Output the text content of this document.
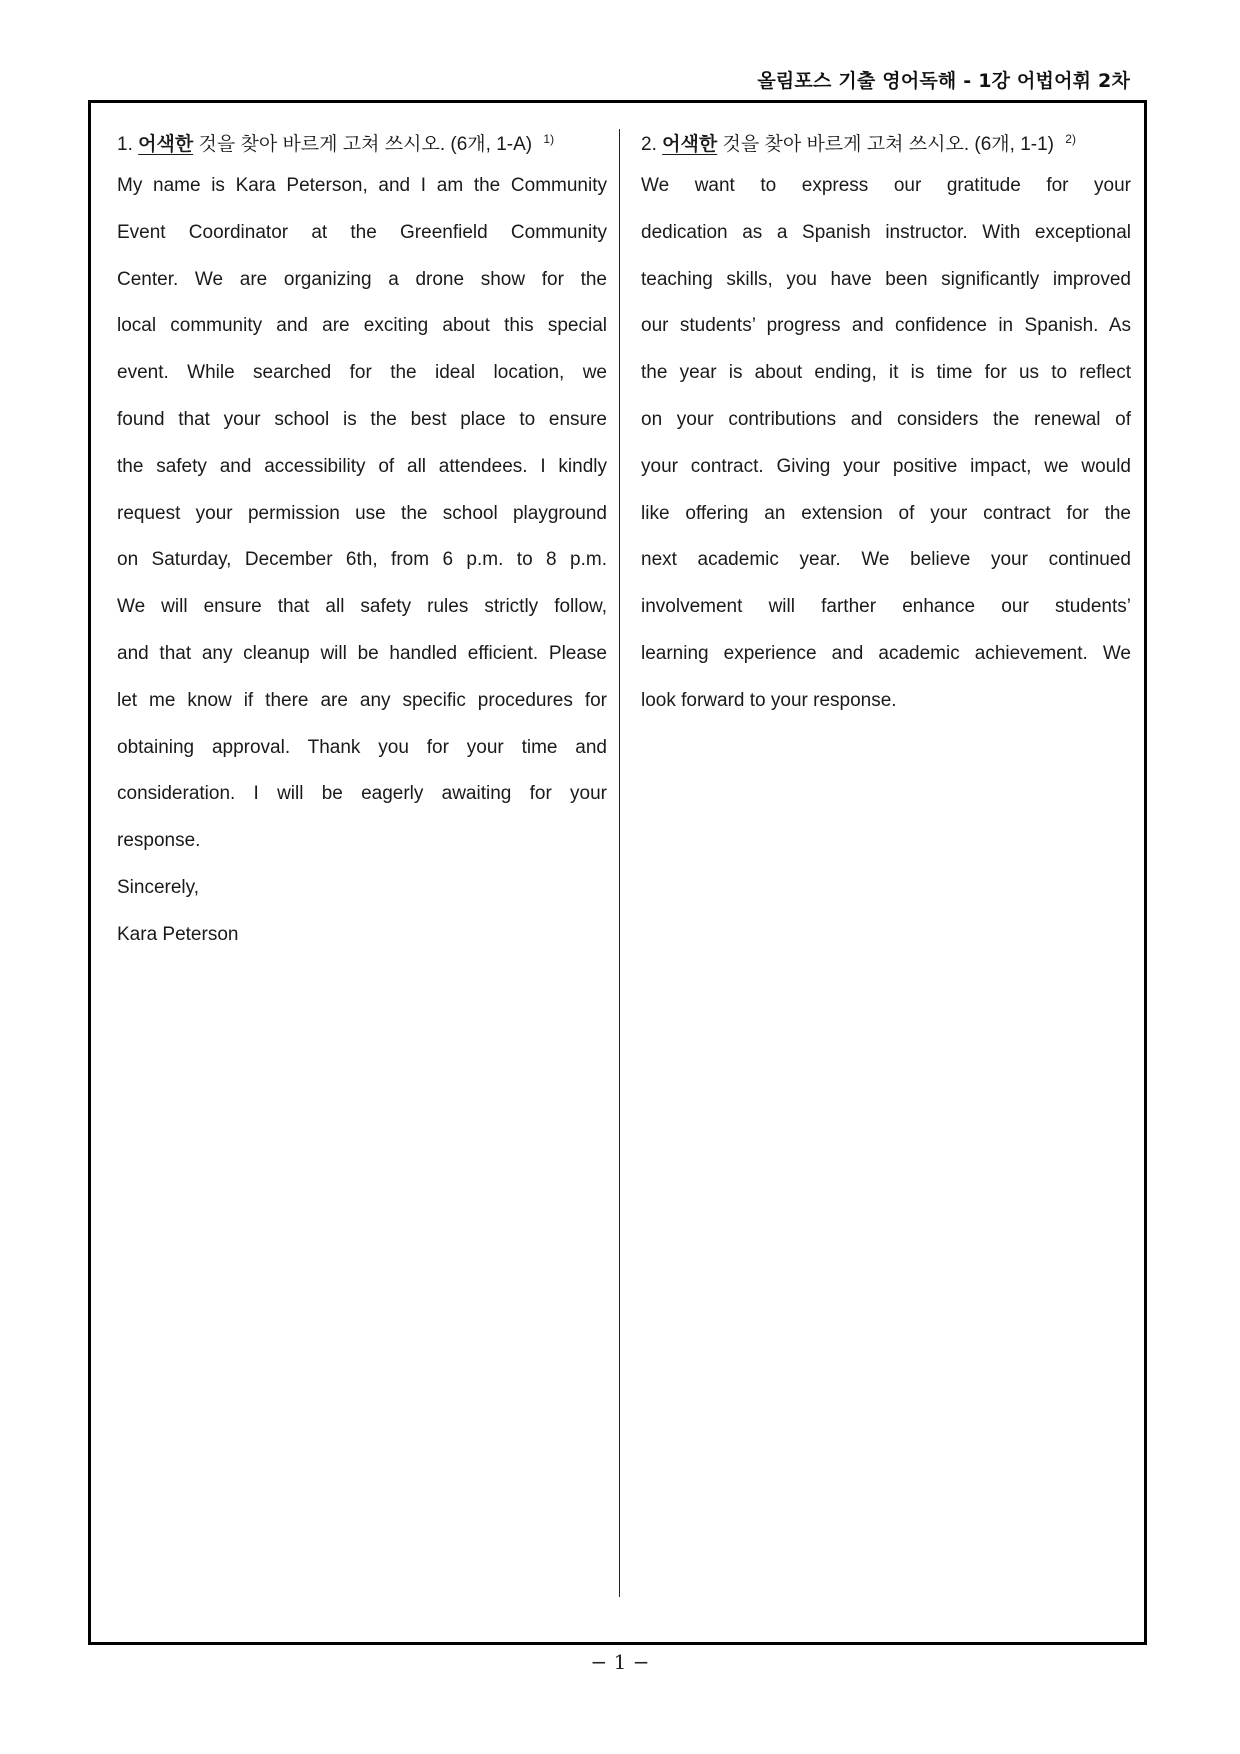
올림포스 기출 영어독해 - 1강 어법어휘 2차
1. 어색한 것을 찾아 바르게 고쳐 쓰시오. (6개, 1-A) $^{1)}$
My name is Kara Peterson, and I am the Community
Event Coordinator at the Greenfield Community
Center. We are organizing a drone show for the
local community and are exciting about this special
event. While searched for the ideal location, we
found that your school is the best place to ensure
the safety and accessibility of all attendees. I kindly
request your permission use the school playground
on Saturday, December 6th, from 6 p.m. to 8 p.m.
We will ensure that all safety rules strictly follow,
and that any cleanup will be handled efficient. Please
let me know if there are any specific procedures for
obtaining approval. Thank you for your time and
consideration. I will be eagerly awaiting for your
response.
Sincerely,
Kara Peterson
2. 어색한 것을 찾아 바르게 고쳐 쓰시오. (6개, 1-1) $^{2)}$
We want to express our gratitude for your
dedication as a Spanish instructor. With exceptional
teaching skills, you have been significantly improved
our students’ progress and confidence in Spanish. As
the year is about ending, it is time for us to reflect
on your contributions and considers the renewal of
your contract. Giving your positive impact, we would
like offering an extension of your contract for the
next academic year. We believe your continued
involvement will farther enhance our students’
learning experience and academic achievement. We
look forward to your response.
− 1 −
